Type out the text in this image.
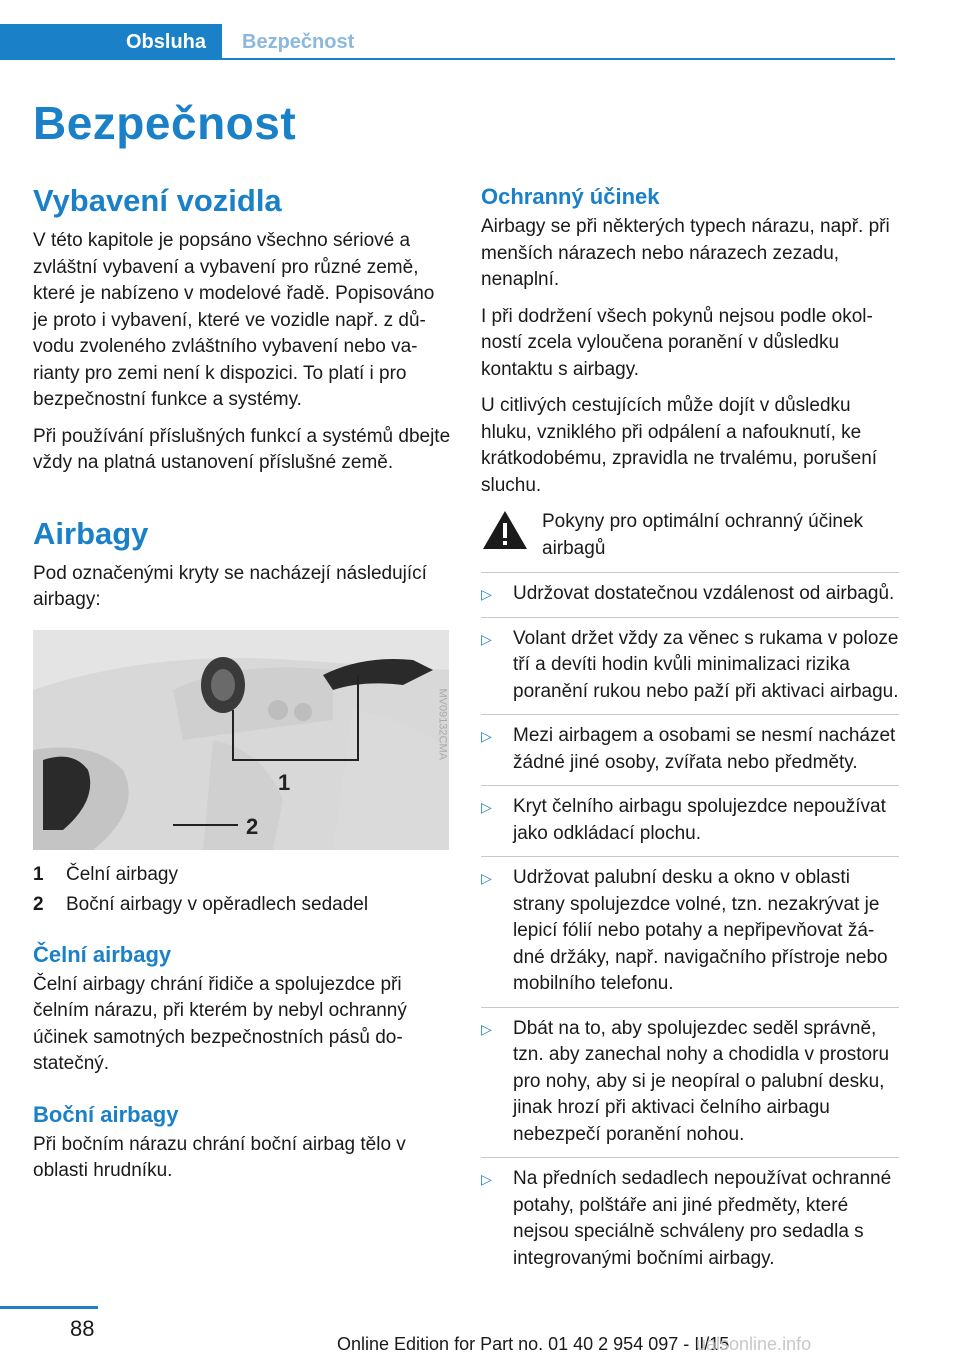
Obsluha	Bezpečnost
Bezpečnost
Vybavení vozidla

V této kapitole je popsáno všechno sériové a zvláštní vybavení a vybavení pro různé země, které je nabízeno v modelové řadě. Popisováno je proto i vybavení, které ve vozidle např. z důvodu zvoleného zvláštního vybavení nebo varianty pro zemi není k dispozici. To platí i pro bezpečnostní funkce a systémy.

Při používání příslušných funkcí a systémů dbejte vždy na platná ustanovení příslušné země.

Airbagy

Pod označenými kryty se nacházejí následující airbagy:

1
2
MV09132CMA
1	Čelní airbagy
2	Boční airbagy v opěradlech sedadel
Čelní airbagy

Čelní airbagy chrání řidiče a spolujezdce při čelním nárazu, při kterém by nebyl ochranný účinek samotných bezpečnostních pásů dostatečný.

Boční airbagy

Při bočním nárazu chrání boční airbag tělo v oblasti hrudníku.

Ochranný účinek

Airbagy se při některých typech nárazu, např. při menších nárazech nebo nárazech zezadu, nenaplní.

I při dodržení všech pokynů nejsou podle okolností zcela vyloučena poranění v důsledku kontaktu s airbagy.

U citlivých cestujících může dojít v důsledku hluku, vzniklého při odpálení a nafouknutí, ke krátkodobému, zpravidla ne trvalému, porušení sluchu.

Pokyny pro optimální ochranný účinek airbagů
▷	Udržovat dostatečnou vzdálenost od airbagů.
▷	Volant držet vždy za věnec s rukama v poloze tří a devíti hodin kvůli minimalizaci rizika poranění rukou nebo paží při aktivaci airbagu.
▷	Mezi airbagem a osobami se nesmí nacházet žádné jiné osoby, zvířata nebo předměty.
▷	Kryt čelního airbagu spolujezdce nepoužívat jako odkládací plochu.
▷	Udržovat palubní desku a okno v oblasti strany spolujezdce volné, tzn. nezakrývat je lepicí fólií nebo potahy a nepřipevňovat žádné držáky, např. navigačního přístroje nebo mobilního telefonu.
▷	Dbát na to, aby spolujezdec seděl správně, tzn. aby zanechal nohy a chodidla v prostoru pro nohy, aby si je neopíral o palubní desku, jinak hrozí při aktivaci čelního airbagu nebezpečí poranění nohou.
▷	Na předních sedadlech nepoužívat ochranné potahy, polštáře ani jiné předměty, které nejsou speciálně schváleny pro sedadla s integrovanými bočními airbagy.
88
Online Edition for Part no. 01 40 2 954 097 - II/15
uals​online.info
